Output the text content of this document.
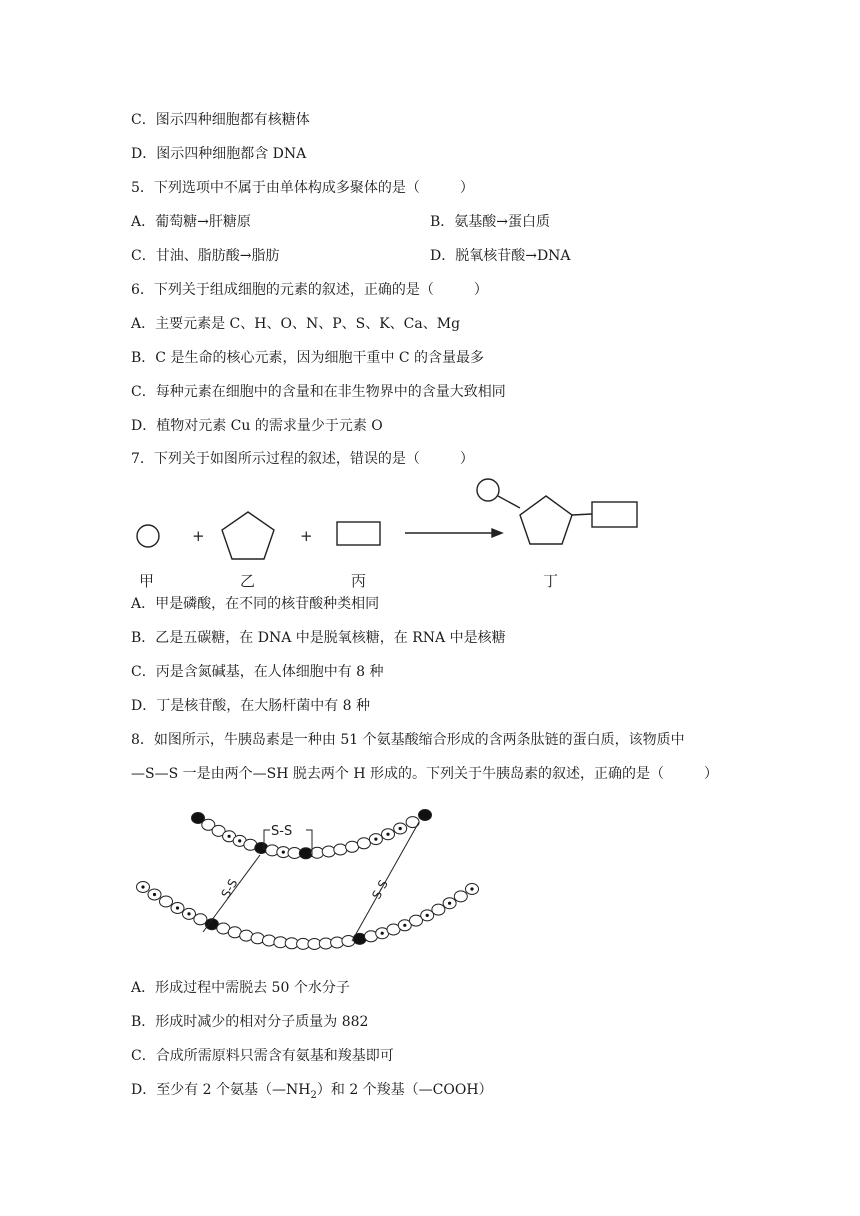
C．图示四种细胞都有核糖体
D．图示四种细胞都含 DNA
5．下列选项中不属于由单体构成多聚体的是（	）
A．葡萄糖→肝糖原	B．氨基酸→蛋白质
C．甘油、脂肪酸→脂肪	D．脱氧核苷酸→DNA
6．下列关于组成细胞的元素的叙述，正确的是（	）
A．主要元素是 C、H、O、N、P、S、K、Ca、Mg
B．C 是生命的核心元素，因为细胞干重中 C 的含量最多
C．每种元素在细胞中的含量和在非生物界中的含量大致相同
D．植物对元素 Cu 的需求量少于元素 O
7．下列关于如图所示过程的叙述，错误的是（	）
+	+
甲	乙	丙	丁
S-S
S-S	S-S
A．甲是磷酸，在不同的核苷酸种类相同
B．乙是五碳糖，在 DNA 中是脱氧核糖，在 RNA 中是核糖
C．丙是含氮碱基，在人体细胞中有 8 种
D．丁是核苷酸，在大肠杆菌中有 8 种
8．如图所示，牛胰岛素是一种由 51 个氨基酸缩合形成的含两条肽链的蛋白质，该物质中
—S—S 一是由两个—SH 脱去两个 H 形成的。下列关于牛胰岛素的叙述，正确的是（	）
A．形成过程中需脱去 50 个水分子
B．形成时减少的相对分子质量为 882
C．合成所需原料只需含有氨基和羧基即可
D．至少有 2 个氨基$(—NH_2)$和 2 个羧基（—COOH）
